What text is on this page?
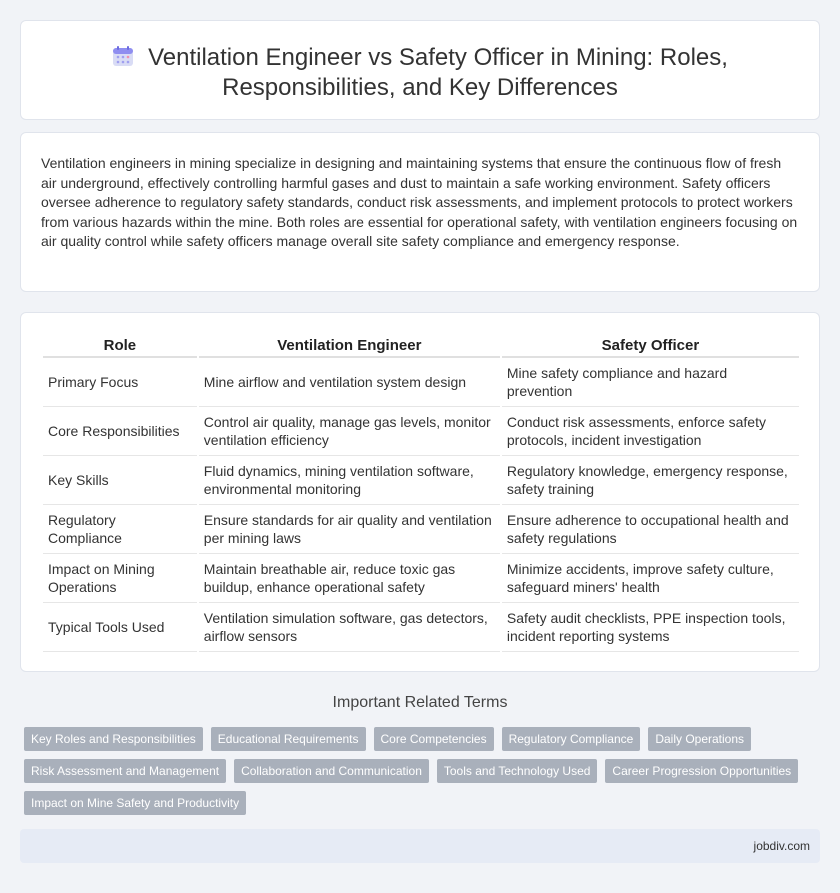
Ventilation Engineer vs Safety Officer in Mining: Roles,
Responsibilities, and Key Differences

Ventilation engineers in mining specialize in designing and maintaining systems that ensure the continuous flow of fresh air underground, effectively controlling harmful gases and dust to maintain a safe working environment. Safety officers oversee adherence to regulatory safety standards, conduct risk assessments, and implement protocols to protect workers from various hazards within the mine. Both roles are essential for operational safety, with ventilation engineers focusing on air quality control while safety officers manage overall site safety compliance and emergency response.

Role	Ventilation Engineer	Safety Officer
Primary Focus	Mine airflow and ventilation system design	Mine safety compliance and hazard prevention
Core Responsibilities	Control air quality, manage gas levels, monitor ventilation efficiency	Conduct risk assessments, enforce safety protocols, incident investigation
Key Skills	Fluid dynamics, mining ventilation software, environmental monitoring	Regulatory knowledge, emergency response, safety training
Regulatory Compliance	Ensure standards for air quality and ventilation per mining laws	Ensure adherence to occupational health and safety regulations
Impact on Mining Operations	Maintain breathable air, reduce toxic gas buildup, enhance operational safety	Minimize accidents, improve safety culture, safeguard miners' health
Typical Tools Used	Ventilation simulation software, gas detectors, airflow sensors	Safety audit checklists, PPE inspection tools, incident reporting systems
Important Related Terms
Key Roles and Responsibilities	Educational Requirements	Core Competencies	Regulatory Compliance	Daily Operations
Risk Assessment and Management	Collaboration and Communication	Tools and Technology Used	Career Progression Opportunities
Impact on Mine Safety and Productivity
jobdiv.com
